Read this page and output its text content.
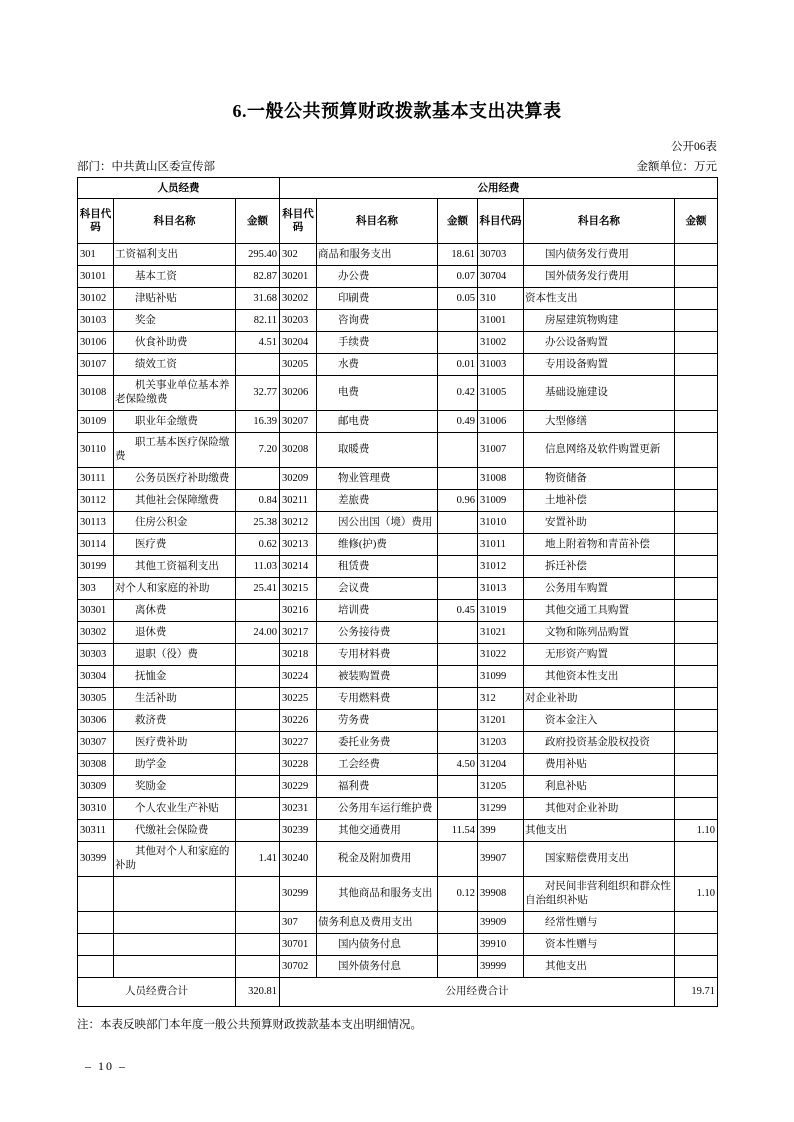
6.一般公共预算财政拨款基本支出决算表
公开06表
部门：中共黄山区委宣传部	金额单位：万元
人员经费			公用经费					
科目代码	科目名称	金额	科目代码	科目名称	金额	科目代码	科目名称	金额
301	工资福利支出	295.40	302	商品和服务支出	18.61	30703	国内债务发行费用	
30101	基本工资	82.87	30201	办公费	0.07	30704	国外债务发行费用	
30102	津贴补贴	31.68	30202	印刷费	0.05	310	资本性支出	
30103	奖金	82.11	30203	咨询费		31001	房屋建筑物购建	
30106	伙食补助费	4.51	30204	手续费		31002	办公设备购置	
30107	绩效工资		30205	水费	0.01	31003	专用设备购置	
30108	机关事业单位基本养老保险缴费	32.77	30206	电费	0.42	31005	基础设施建设	
30109	职业年金缴费	16.39	30207	邮电费	0.49	31006	大型修缮	
30110	职工基本医疗保险缴费	7.20	30208	取暖费		31007	信息网络及软件购置更新	
30111	公务员医疗补助缴费		30209	物业管理费		31008	物资储备	
30112	其他社会保障缴费	0.84	30211	差旅费	0.96	31009	土地补偿	
30113	住房公积金	25.38	30212	因公出国（境）费用		31010	安置补助	
30114	医疗费	0.62	30213	维修(护)费		31011	地上附着物和青苗补偿	
30199	其他工资福利支出	11.03	30214	租赁费		31012	拆迁补偿	
303	对个人和家庭的补助	25.41	30215	会议费		31013	公务用车购置	
30301	离休费		30216	培训费	0.45	31019	其他交通工具购置	
30302	退休费	24.00	30217	公务接待费		31021	文物和陈列品购置	
30303	退职（役）费		30218	专用材料费		31022	无形资产购置	
30304	抚恤金		30224	被装购置费		31099	其他资本性支出	
30305	生活补助		30225	专用燃料费		312	对企业补助	
30306	救济费		30226	劳务费		31201	资本金注入	
30307	医疗费补助		30227	委托业务费		31203	政府投资基金股权投资	
30308	助学金		30228	工会经费	4.50	31204	费用补贴	
30309	奖励金		30229	福利费		31205	利息补贴	
30310	个人农业生产补贴		30231	公务用车运行维护费		31299	其他对企业补助	
30311	代缴社会保险费		30239	其他交通费用	11.54	399	其他支出	1.10
30399	其他对个人和家庭的补助	1.41	30240	税金及附加费用		39907	国家赔偿费用支出	
			30299	其他商品和服务支出	0.12	39908	对民间非营利组织和群众性自治组织补贴	1.10
			307	债务利息及费用支出		39909	经常性赠与	
			30701	国内债务付息		39910	资本性赠与	
			30702	国外债务付息		39999	其他支出	
人员经费合计		320.81	公用经费合计					19.71
注：本表反映部门本年度一般公共预算财政拨款基本支出明细情况。
– 10 –
